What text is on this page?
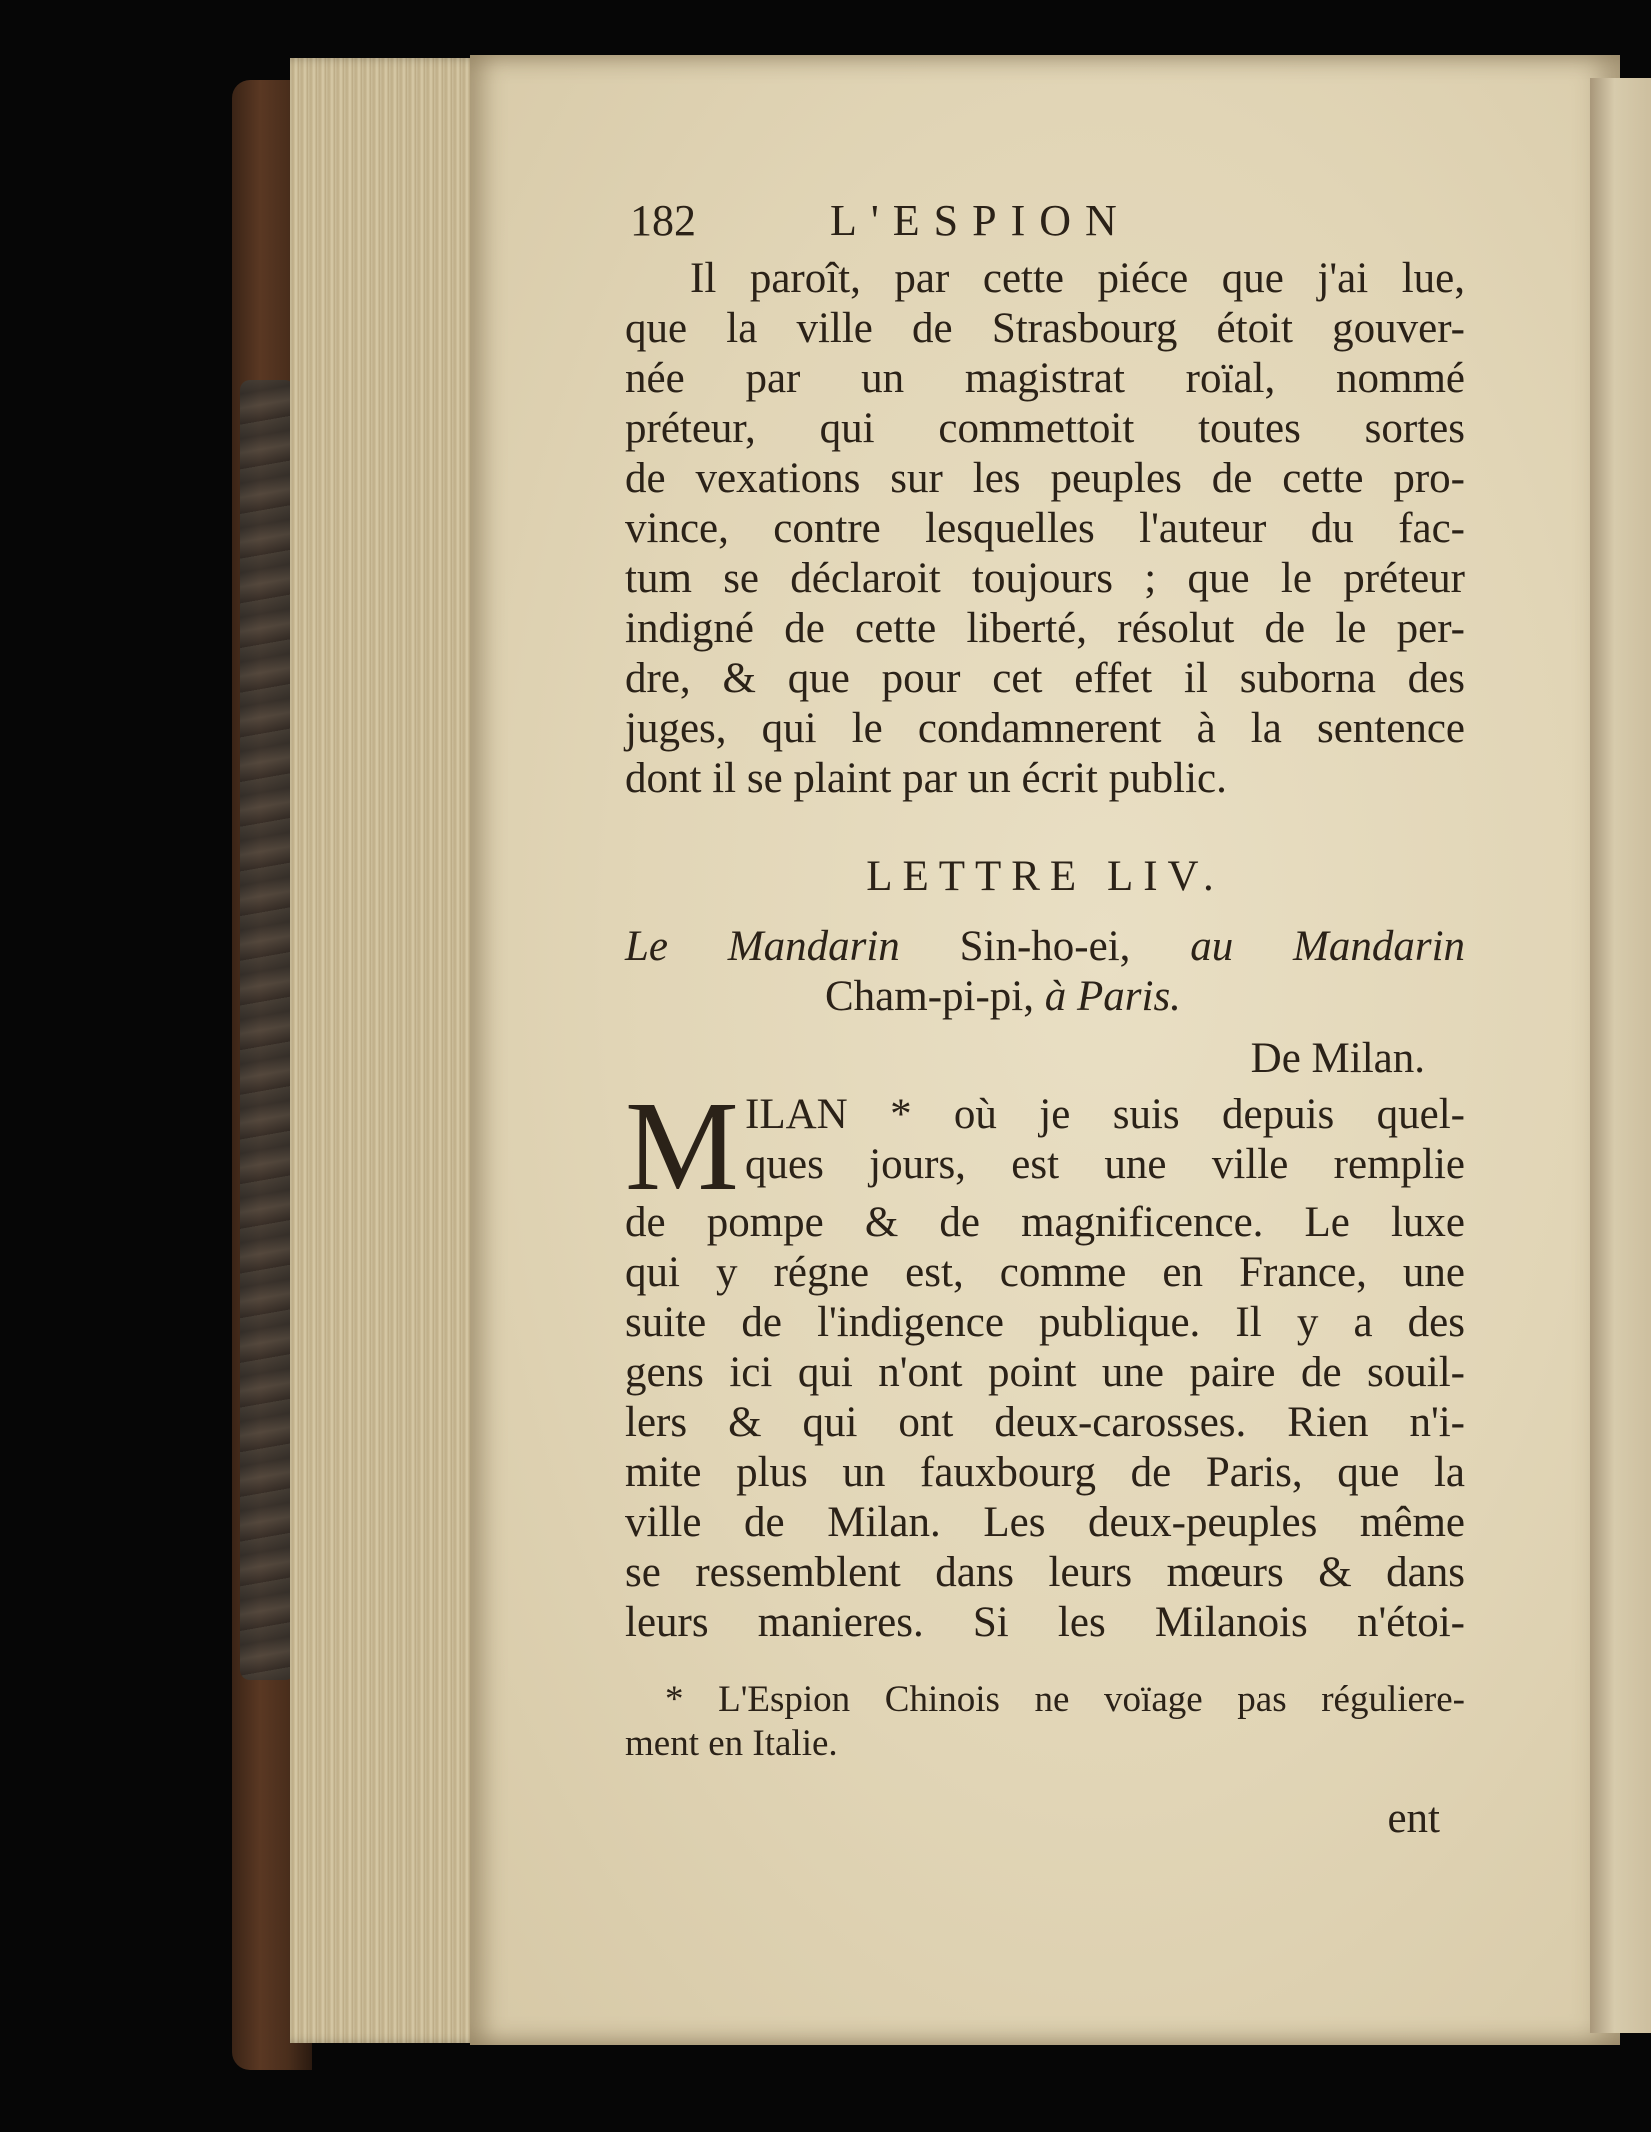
182	L'ESPION
Il paroît, par cette piéce que j'ai lue,
que la ville de Strasbourg étoit gouver-
née par un magistrat roïal, nommé
préteur, qui commettoit toutes sortes
de vexations sur les peuples de cette pro-
vince, contre lesquelles l'auteur du fac-
tum se déclaroit toujours ; que le préteur
indigné de cette liberté, résolut de le per-
dre, & que pour cet effet il suborna des
juges, qui le condamnerent à la sentence
dont il se plaint par un écrit public.
LETTRE LIV.
Le Mandarin Sin-ho-ei, au Mandarin
Cham-pi-pi, à Paris.
De Milan.
M ILAN * où je suis depuis quel-
ques jours, est une ville remplie
de pompe & de magnificence. Le luxe
qui y régne est, comme en France, une
suite de l'indigence publique. Il y a des
gens ici qui n'ont point une paire de souil-
lers & qui ont deux-carosses. Rien n'i-
mite plus un fauxbourg de Paris, que la
ville de Milan. Les deux-peuples même
se ressemblent dans leurs mœurs & dans
leurs manieres. Si les Milanois n'étoi-
* L'Espion Chinois ne voïage pas réguliere-
ment en Italie.
ent
